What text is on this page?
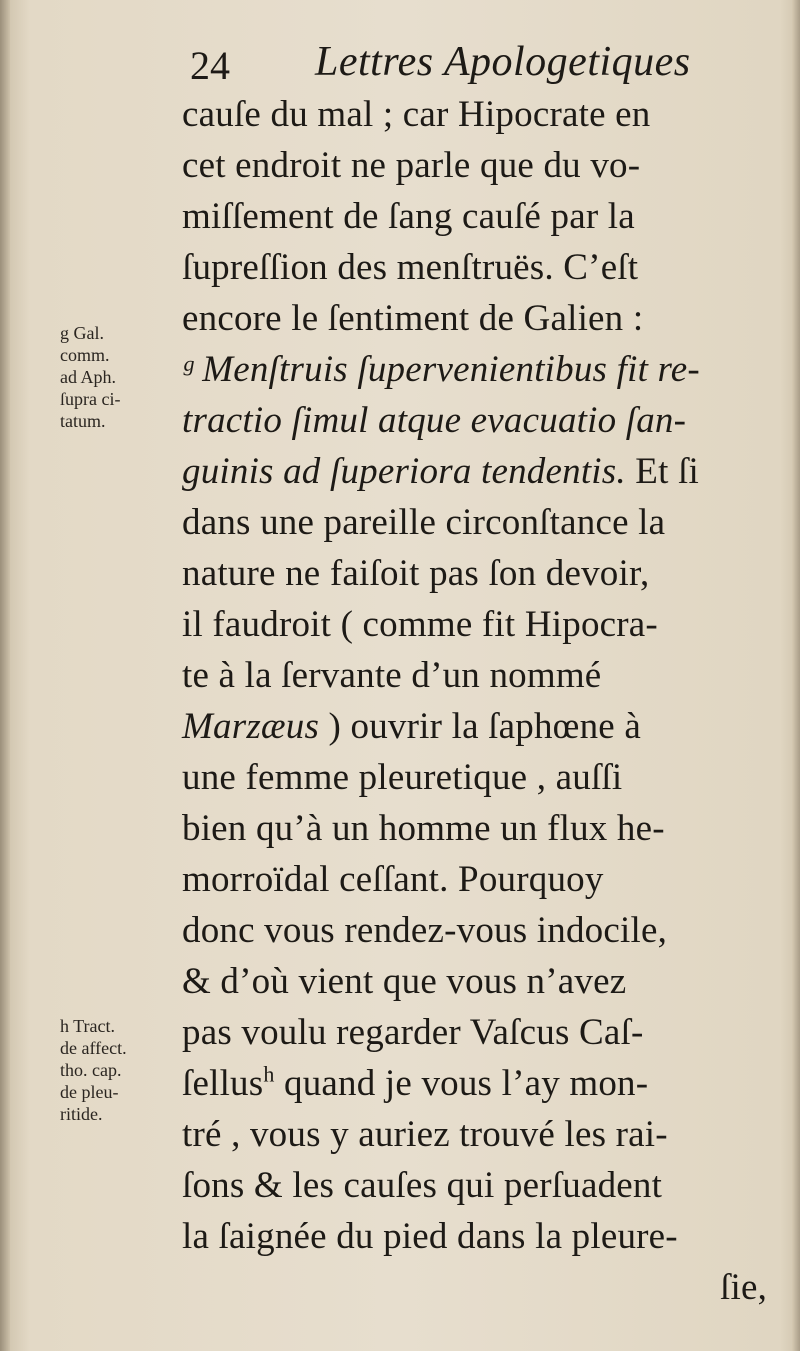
24 Lettres Apologetiques
cauſe du mal ; car Hipocrate en
cet endroit ne parle que du vo-
miſſement de ſang cauſé par la
ſupreſſion des menſtruës. C’eſt
encore le ſentiment de Galien :
ᵍ Menſtruis ſupervenientibus fit re-
tractio ſimul atque evacuatio ſan-
guinis ad ſuperiora tendentis. Et ſi
dans une pareille circonſtance la
nature ne faiſoit pas ſon devoir,
il faudroit ( comme fit Hipocra-
te à la ſervante d’un nommé
Marzæus ) ouvrir la ſaphœne à
une femme pleuretique , auſſi
bien qu’à un homme un flux he-
morroïdal ceſſant. Pourquoy
donc vous rendez-vous indocile,
& d’où vient que vous n’avez
pas voulu regarder Vaſcus Caſ-
ſellus$^h$ quand je vous l’ay mon-
tré , vous y auriez trouvé les rai-
ſons & les cauſes qui perſuadent
la ſaignée du pied dans la pleure-
ſie,
g Gal.
comm.
ad Aph.
ſupra ci-
tatum.
h Tract.
de affect.
tho. cap.
de pleu-
ritide.
